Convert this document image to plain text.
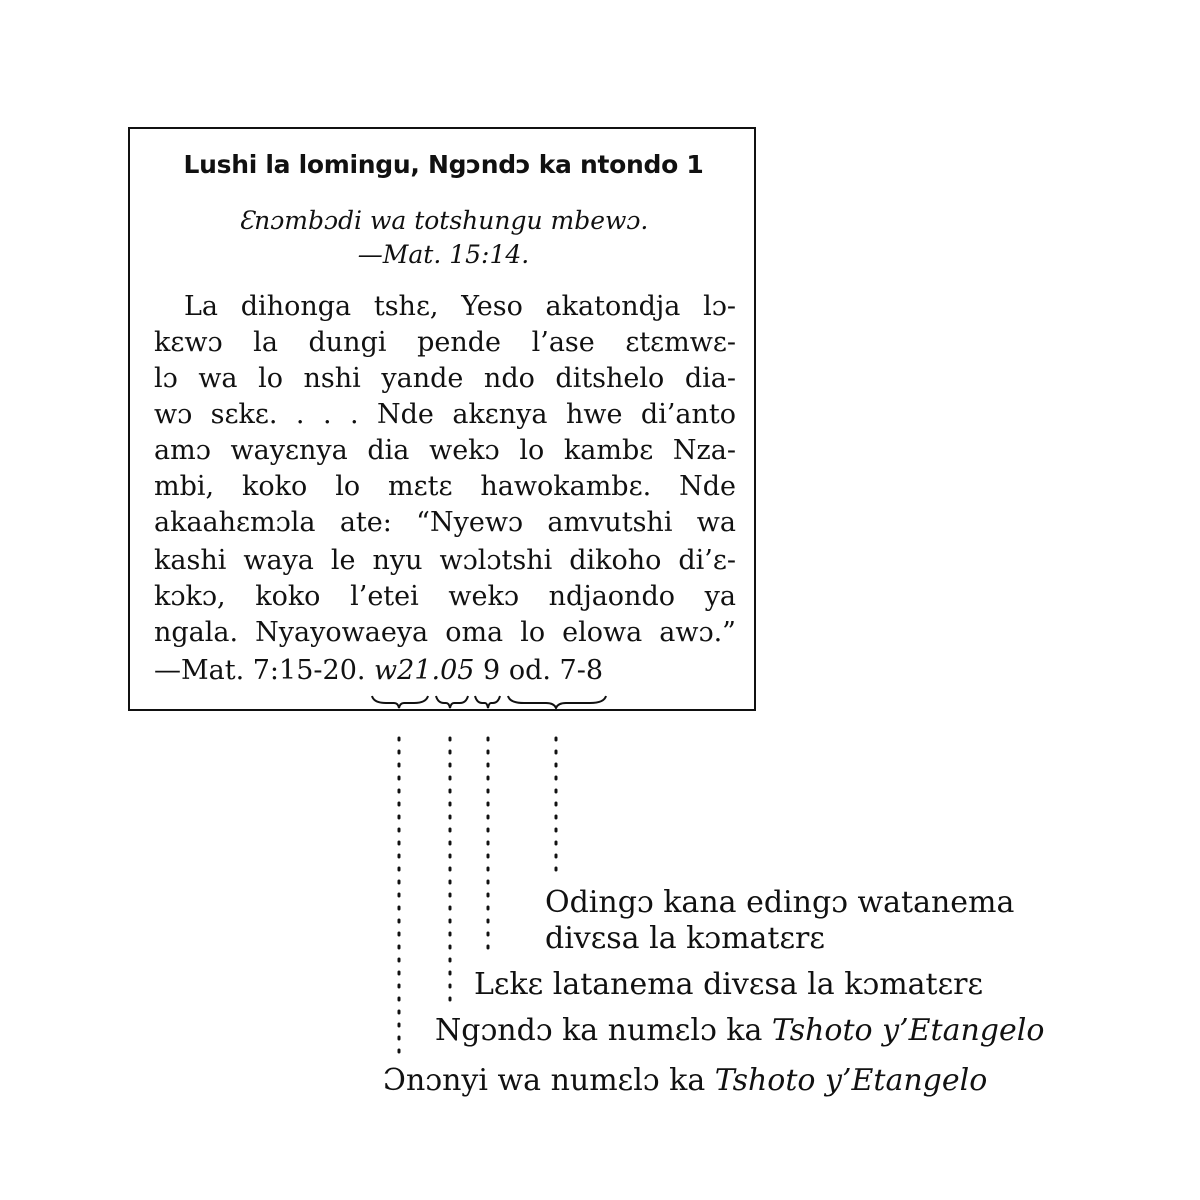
Lushi la lomingu, Ngɔndɔ ka ntondo 1
Ɛnɔmbɔdi wa totshungu mbewɔ.
—Mat. 15:14.
La dihonga tshɛ, Yeso akatondja lɔ-
kɛwɔ la dungi pende l’ase ɛtɛmwɛ-
lɔ wa lo nshi yande ndo ditshelo dia-
wɔ sɛkɛ. . . . Nde akɛnya hwe di’anto
amɔ wayɛnya dia wekɔ lo kambɛ Nza-
mbi, koko lo mɛtɛ hawokambɛ. Nde
akaahɛmɔla ate: “Nyewɔ amvutshi wa
kashi waya le nyu wɔlɔtshi dikoho di’ɛ-
kɔkɔ, koko l’etei wekɔ ndjaondo ya
ngala. Nyayowaeya oma lo elowa awɔ.”
—Mat. 7:15-20. w21.05 9 od. 7-8
Odingɔ kana edingɔ watanema
divɛsa la kɔmatɛrɛ
Lɛkɛ latanema divɛsa la kɔmatɛrɛ
Ngɔndɔ ka numɛlɔ ka Tshoto y’Etangelo
Ɔnɔnyi wa numɛlɔ ka Tshoto y’Etangelo
